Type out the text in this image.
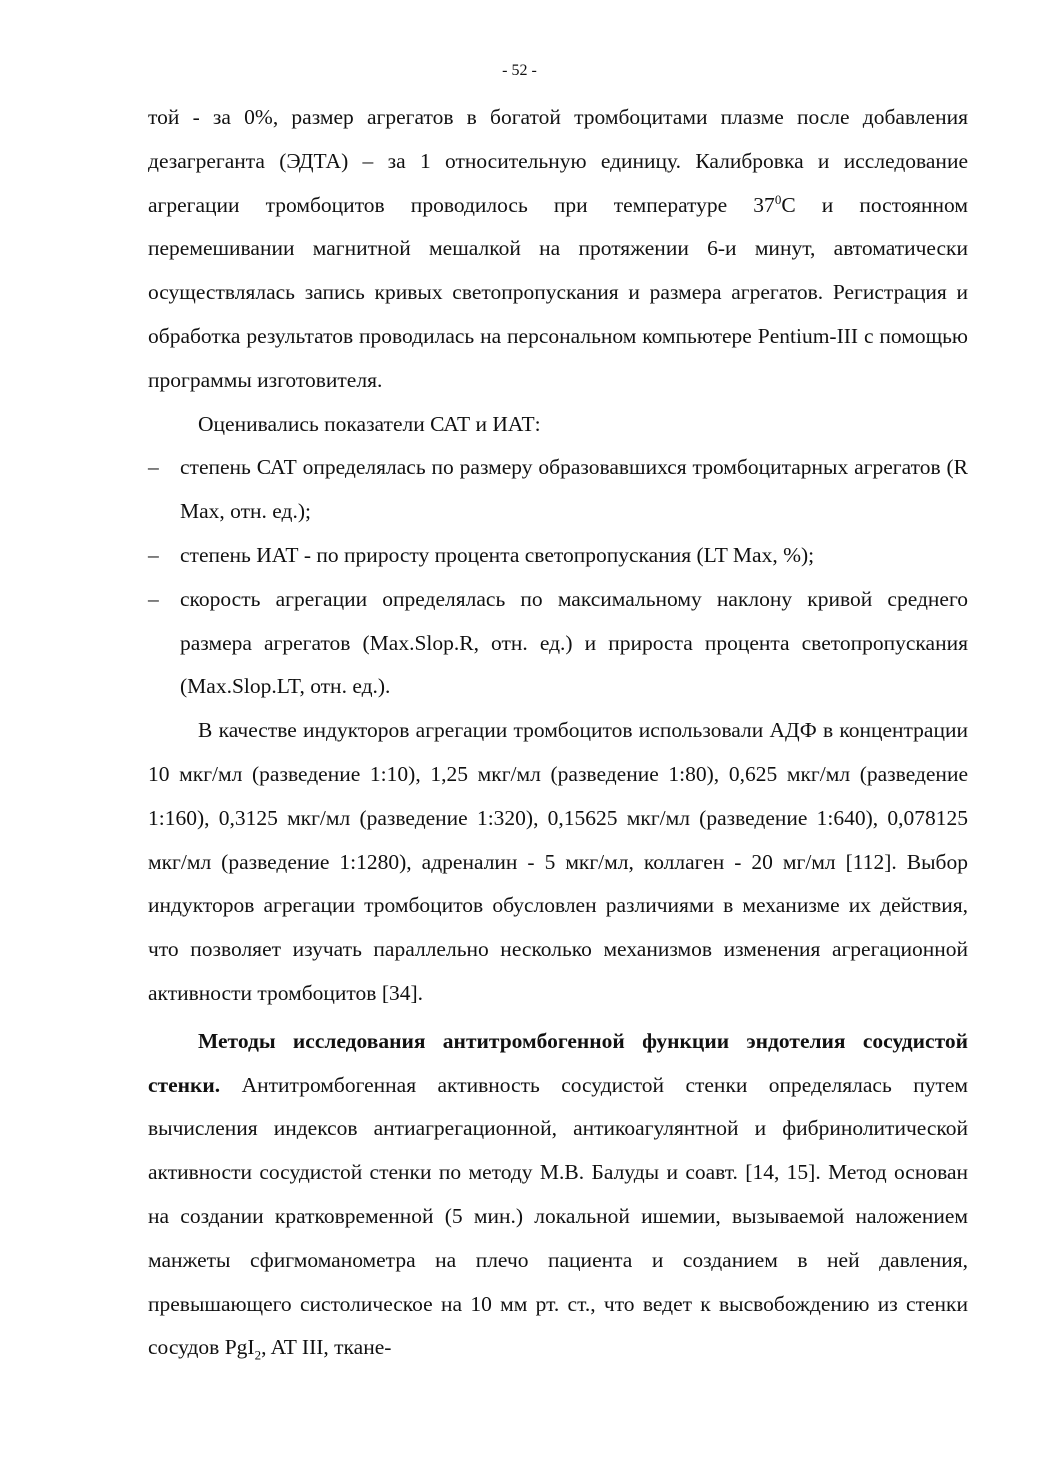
- 52 -

той - за 0%, размер агрегатов в богатой тромбоцитами плазме после добавления дезагреганта (ЭДТА) – за 1 относительную единицу. Калибровка и исследование агрегации тромбоцитов проводилось при температуре $37^0С$ и постоянном перемешивании магнитной мешалкой на протяжении 6-и минут, автоматически осуществлялась запись кривых светопропускания и размера агрегатов. Регистрация и обработка результатов проводилась на персональном компьютере Pentium-III с помощью программы изготовителя.

Оценивались показатели САТ и ИАТ:

– степень САТ определялась по размеру образовавшихся тромбоцитарных агрегатов (R Max, отн. ед.);
– степень ИАТ - по приросту процента светопропускания (LT Max, %);
– скорость агрегации определялась по максимальному наклону кривой среднего размера агрегатов (Max.Slop.R, отн. ед.) и прироста процента светопропускания (Max.Slop.LT, отн. ед.).

В качестве индукторов агрегации тромбоцитов использовали АДФ в концентрации 10 мкг/мл (разведение 1:10), 1,25 мкг/мл (разведение 1:80), 0,625 мкг/мл (разведение 1:160), 0,3125 мкг/мл (разведение 1:320), 0,15625 мкг/мл (разведение 1:640), 0,078125 мкг/мл (разведение 1:1280), адреналин - 5 мкг/мл, коллаген - 20 мг/мл [112]. Выбор индукторов агрегации тромбоцитов обусловлен различиями в механизме их действия, что позволяет изучать параллельно несколько механизмов изменения агрегационной активности тромбоцитов [34].

Методы исследования антитромбогенной функции эндотелия сосудистой стенки. Антитромбогенная активность сосудистой стенки определялась путем вычисления индексов антиагрегационной, антикоагулянтной и фибринолитической активности сосудистой стенки по методу М.В. Балуды и соавт. [14, 15]. Метод основан на создании кратковременной (5 мин.) локальной ишемии, вызываемой наложением манжеты сфигмоманометра на плечо пациента и созданием в ней давления, превышающего систолическое на 10 мм рт. ст., что ведет к высвобождению из стенки сосудов PgI$_2$, AT III, ткане-
